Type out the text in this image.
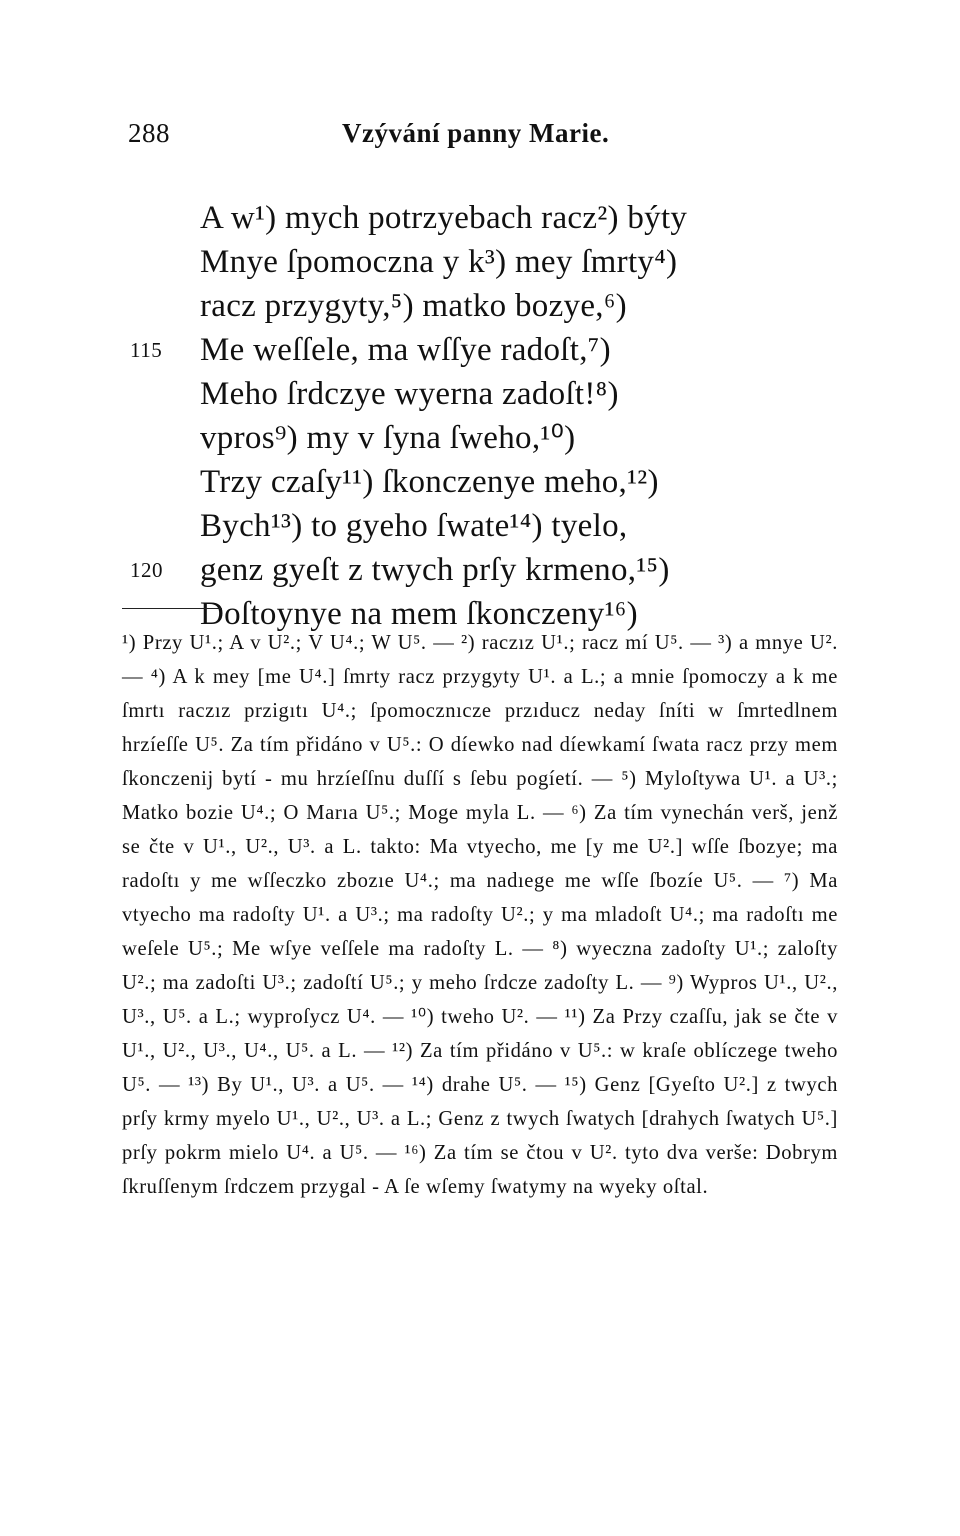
288	Vzývání panny Marie.
A w¹) mych potrzyebach racz²) býty
Mnye ſpomoczna y k³) mey ſmrty⁴)
racz przygyty,⁵) matko bozye,⁶)
115	Me weſſele, ma wſſye radoſt,⁷)
Meho ſrdczye wyerna zadoſt!⁸)
vpros⁹) my v ſyna ſweho,¹⁰)
Trzy czaſy¹¹) ſkonczenye meho,¹²)
Bych¹³) to gyeho ſwate¹⁴) tyelo,
120	genz gyeſt z twych prſy krmeno,¹⁵)
Doſtoynye na mem ſkonczeny¹⁶)

¹) Przy U¹.; A v U².; V U⁴.; W U⁵. — ²) raczız U¹.; racz mí U⁵. — ³) a mnye U². — ⁴) A k mey [me U⁴.] ſmrty racz przygyty U¹. a L.; a mnie ſpomoczy a k me ſmrtı raczız przigıtı U⁴.; ſpomocznıcze przıducz neday ſníti w ſmrtedlnem hrzíeſſe U⁵. Za tím přidáno v U⁵.: O díewko nad díewkamí ſwata racz przy mem ſkonczenij bytí - mu hrzíeſſnu duſſí s ſebu pogíetí. — ⁵) Myloſtywa U¹. a U³.; Matko bozie U⁴.; O Marıa U⁵.; Moge myla L. — ⁶) Za tím vynechán verš, jenž se čte v U¹., U²., U³. a L. takto: Ma vtyecho, me [y me U².] wſſe ſbozye; ma radoſtı y me wſſeczko zbozıe U⁴.; ma nadıege me wſſe ſbozíe U⁵. — ⁷) Ma vtyecho ma radoſty U¹. a U³.; ma radoſty U².; y ma mladoſt U⁴.; ma radoſtı me weſele U⁵.; Me wſye veſſele ma radoſty L. — ⁸) wyeczna zadoſty U¹.; zaloſty U².; ma zadoſti U³.; zadoſtí U⁵.; y meho ſrdcze zadoſty L. — ⁹) Wypros U¹., U²., U³., U⁵. a L.; wyproſycz U⁴. — ¹⁰) tweho U². — ¹¹) Za Przy czaſſu, jak se čte v U¹., U²., U³., U⁴., U⁵. a L. — ¹²) Za tím přidáno v U⁵.: w kraſe oblíczege tweho U⁵. — ¹³) By U¹., U³. a U⁵. — ¹⁴) drahe U⁵. — ¹⁵) Genz [Gyeſto U².] z twych prſy krmy myelo U¹., U²., U³. a L.; Genz z twych ſwatych [drahych ſwatych U⁵.] prſy pokrm mielo U⁴. a U⁵. — ¹⁶) Za tím se čtou v U². tyto dva verše: Dobrym ſkruſſenym ſrdczem przygal - A ſe wſemy ſwatymy na wyeky oſtal.
